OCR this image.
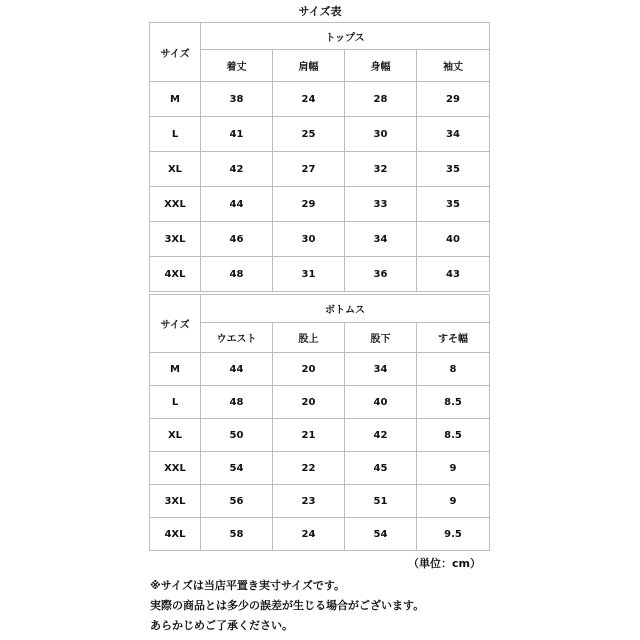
サイズ表
サイズ	トップス			
	着丈	肩幅	身幅	袖丈
M	38	24	28	29
L	41	25	30	34
XL	42	27	32	35
XXL	44	29	33	35
3XL	46	30	34	40
4XL	48	31	36	43
サイズ	ボトムス			
	ウエスト	股上	股下	すそ幅
M	44	20	34	8
L	48	20	40	8.5
XL	50	21	42	8.5
XXL	54	22	45	9
3XL	56	23	51	9
4XL	58	24	54	9.5
（単位：cm）
※サイズは当店平置き実寸サイズです。
実際の商品とは多少の誤差が生じる場合がございます。
あらかじめご了承ください。
